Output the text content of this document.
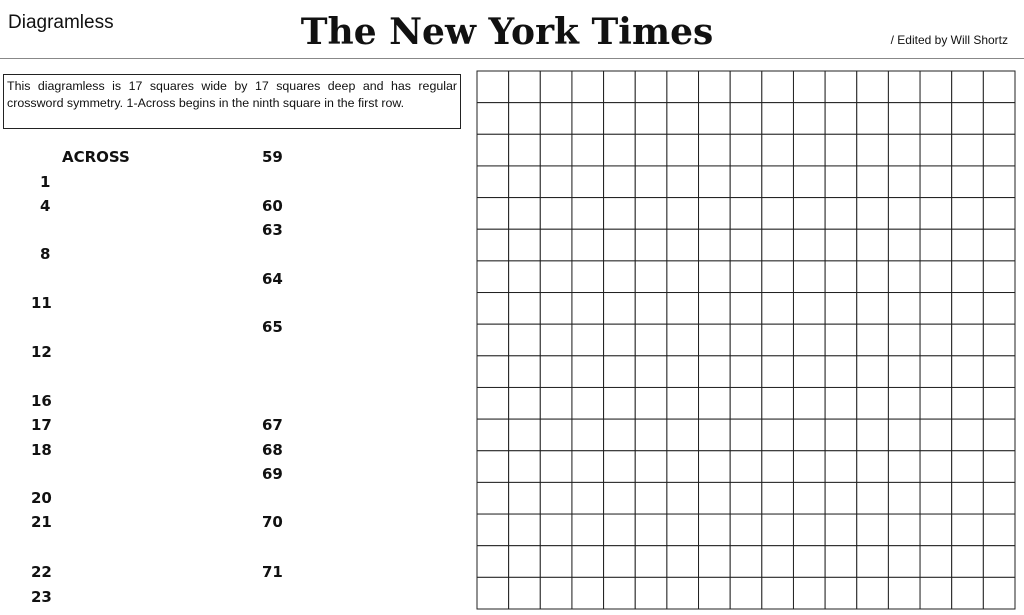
Diagramless	The New York Times	/ Edited by Will Shortz
This diagramless is 17 squares wide by 17 squares deep and has regular crossword symmetry. 1-Across begins in the ninth square in the first row.
ACROSS
1
4
8
11
12
16
17
18
20
21
22
23
59
60
63
64
65
67
68
69
70
71
